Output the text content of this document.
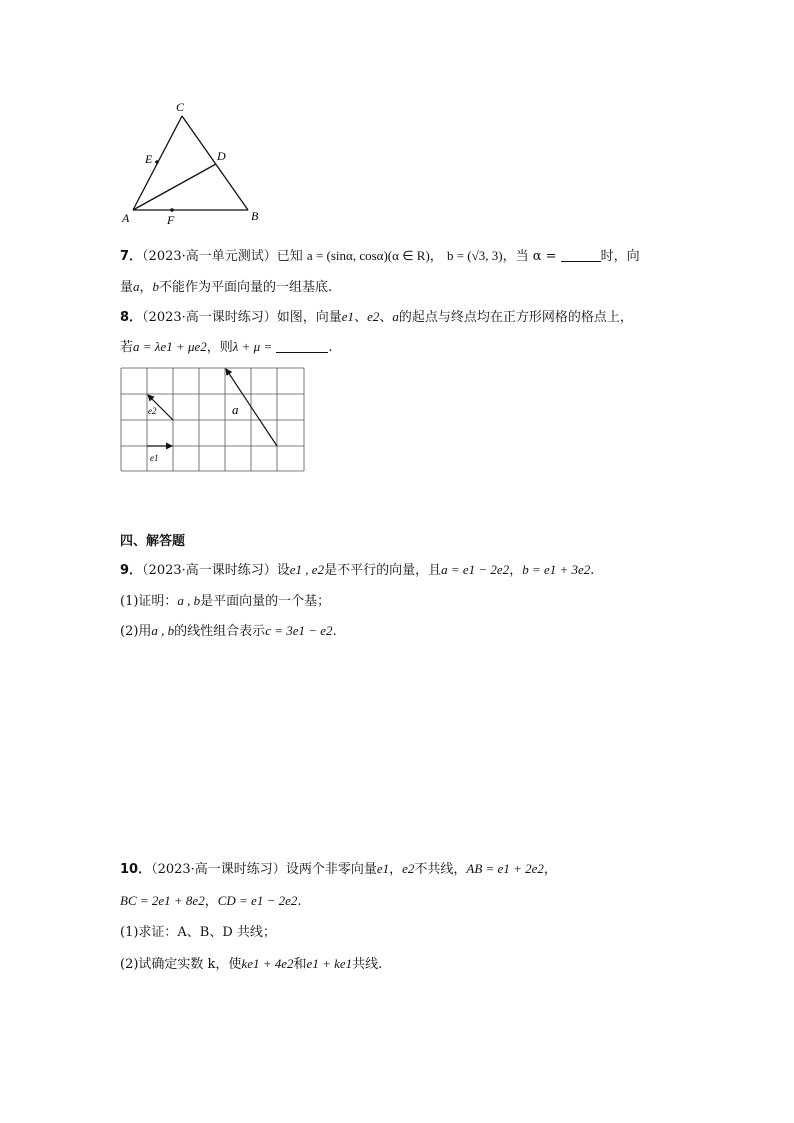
C
E	D
A	F	B
7．（2023·高一单元测试）已知 a = (sinα, cosα)(α ∈ R)， b = (√3, 3)，当 α =	时，向
量a，b不能作为平面向量的一组基底.
8．（2023·高一课时练习）如图，向量e1、e2、a的起点与终点均在正方形网格的格点上，
若a = λe1 + μe2，则λ + μ =	.
e1
e2	a
四、解答题
9．（2023·高一课时练习）设e1 , e2是不平行的向量，且a = e1 − 2e2，b = e1 + 3e2.
(1)证明：a , b是平面向量的一个基；
(2)用a , b的线性组合表示c = 3e1 − e2.
10．（2023·高一课时练习）设两个非零向量e1，e2不共线，AB = e1 + 2e2，
BC = 2e1 + 8e2，CD = e1 − 2e2.
(1)求证：A、B、D 共线；
(2)试确定实数 k，使ke1 + 4e2和e1 + ke1共线.
